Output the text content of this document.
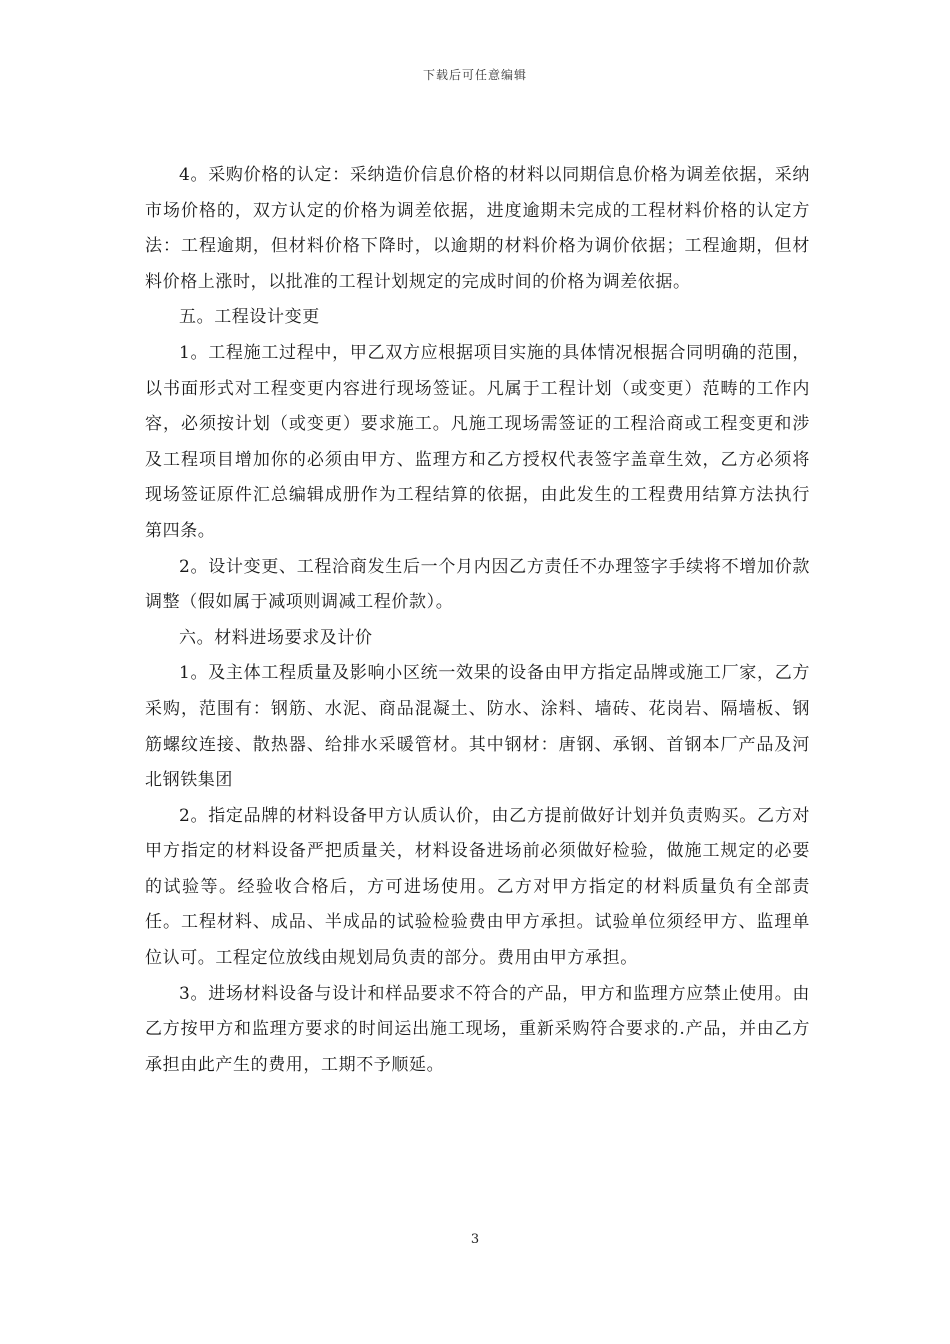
下载后可任意编辑

4。采购价格的认定：采纳造价信息价格的材料以同期信息价格为调差依据，采纳市场价格的，双方认定的价格为调差依据，进度逾期未完成的工程材料价格的认定方法：工程逾期，但材料价格下降时，以逾期的材料价格为调价依据；工程逾期，但材料价格上涨时，以批准的工程计划规定的完成时间的价格为调差依据。

五。工程设计变更

1。工程施工过程中，甲乙双方应根据项目实施的具体情况根据合同明确的范围，以书面形式对工程变更内容进行现场签证。凡属于工程计划（或变更）范畴的工作内容，必须按计划（或变更）要求施工。凡施工现场需签证的工程洽商或工程变更和涉及工程项目增加你的必须由甲方、监理方和乙方授权代表签字盖章生效，乙方必须将现场签证原件汇总编辑成册作为工程结算的依据，由此发生的工程费用结算方法执行第四条。

2。设计变更、工程洽商发生后一个月内因乙方责任不办理签字手续将不增加价款调整（假如属于减项则调减工程价款）。

六。材料进场要求及计价

1。及主体工程质量及影响小区统一效果的设备由甲方指定品牌或施工厂家，乙方采购，范围有：钢筋、水泥、商品混凝土、防水、涂料、墙砖、花岗岩、隔墙板、钢筋螺纹连接、散热器、给排水采暖管材。其中钢材：唐钢、承钢、首钢本厂产品及河北钢铁集团

2。指定品牌的材料设备甲方认质认价，由乙方提前做好计划并负责购买。乙方对甲方指定的材料设备严把质量关，材料设备进场前必须做好检验，做施工规定的必要的试验等。经验收合格后，方可进场使用。乙方对甲方指定的材料质量负有全部责任。工程材料、成品、半成品的试验检验费由甲方承担。试验单位须经甲方、监理单位认可。工程定位放线由规划局负责的部分。费用由甲方承担。

3。进场材料设备与设计和样品要求不符合的产品，甲方和监理方应禁止使用。由乙方按甲方和监理方要求的时间运出施工现场，重新采购符合要求的.产品，并由乙方承担由此产生的费用，工期不予顺延。

3
